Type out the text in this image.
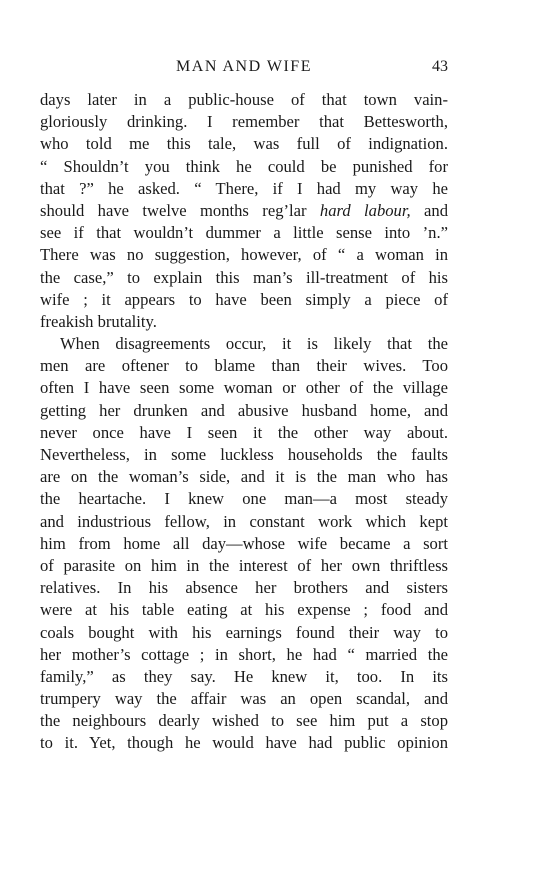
MAN AND WIFE	43
days later in a public-house of that town vain-
gloriously drinking. I remember that Bettesworth,
who told me this tale, was full of indignation.
“ Shouldn’t you think he could be punished for
that ?” he asked. “ There, if I had my way he
should have twelve months reg’lar hard labour, and
see if that wouldn’t dummer a little sense into ’n.”
There was no suggestion, however, of “ a woman in
the case,” to explain this man’s ill-treatment of his
wife ; it appears to have been simply a piece of
freakish brutality.
When disagreements occur, it is likely that the
men are oftener to blame than their wives. Too
often I have seen some woman or other of the village
getting her drunken and abusive husband home, and
never once have I seen it the other way about.
Nevertheless, in some luckless households the faults
are on the woman’s side, and it is the man who has
the heartache. I knew one man—a most steady
and industrious fellow, in constant work which kept
him from home all day—whose wife became a sort
of parasite on him in the interest of her own thriftless
relatives. In his absence her brothers and sisters
were at his table eating at his expense ; food and
coals bought with his earnings found their way to
her mother’s cottage ; in short, he had “ married the
family,” as they say. He knew it, too. In its
trumpery way the affair was an open scandal, and
the neighbours dearly wished to see him put a stop
to it. Yet, though he would have had public opinion
